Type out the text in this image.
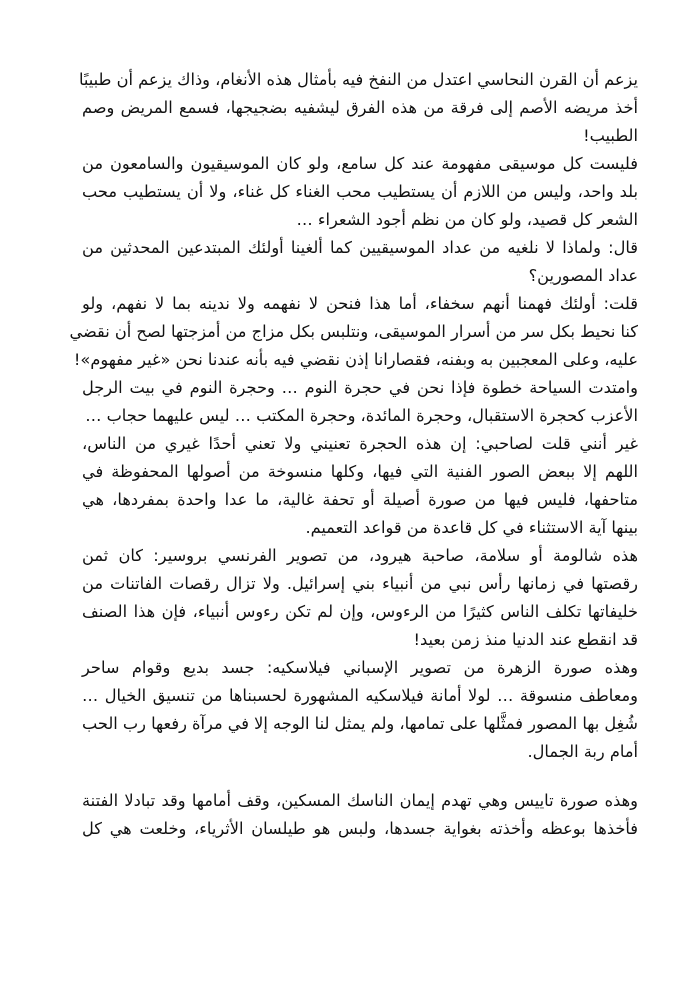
يزعم أن القرن النحاسي اعتدل من النفخ فيه بأمثال هذه الأنغام، وذاك يزعم أن طبيبًا
أخذ مريضه الأصم إلى فرقة من هذه الفرق ليشفيه بضجيجها، فسمع المريض وصم
الطبيب!
فليست كل موسيقى مفهومة عند كل سامع، ولو كان الموسيقيون والسامعون من
بلد واحد، وليس من اللازم أن يستطيب محب الغناء كل غناء، ولا أن يستطيب محب
الشعر كل قصيد، ولو كان من نظم أجود الشعراء …
قال: ولماذا لا نلغيه من عداد الموسيقيين كما ألغينا أولئك المبتدعين المحدثين من
عداد المصورين؟
قلت: أولئك فهمنا أنهم سخفاء، أما هذا فنحن لا نفهمه ولا ندينه بما لا نفهم، ولو
كنا نحيط بكل سر من أسرار الموسيقى، ونتلبس بكل مزاج من أمزجتها لصح أن نقضي
عليه، وعلى المعجبين به وبفنه، فقصارانا إذن نقضي فيه بأنه عندنا نحن «غير مفهوم»!
وامتدت السياحة خطوة فإذا نحن في حجرة النوم … وحجرة النوم في بيت الرجل
الأعزب كحجرة الاستقبال، وحجرة المائدة، وحجرة المكتب … ليس عليهما حجاب …
غير أنني قلت لصاحبي: إن هذه الحجرة تعنيني ولا تعني أحدًا غيري من الناس،
اللهم إلا ببعض الصور الفنية التي فيها، وكلها منسوخة من أصولها المحفوظة في
متاحفها، فليس فيها من صورة أصيلة أو تحفة غالية، ما عدا واحدة بمفردها، هي
بينها آية الاستثناء في كل قاعدة من قواعد التعميم.
هذه شالومة أو سلامة، صاحبة هيرود، من تصوير الفرنسي بروسير: كان ثمن
رقصتها في زمانها رأس نبي من أنبياء بني إسرائيل. ولا تزال رقصات الفاتنات من
خليفاتها تكلف الناس كثيرًا من الرءوس، وإن لم تكن رءوس أنبياء، فإن هذا الصنف
قد انقطع عند الدنيا منذ زمن بعيد!
وهذه صورة الزهرة من تصوير الإسباني فيلاسكيه: جسد بديع وقوام ساحر
ومعاطف منسوقة … لولا أمانة فيلاسكيه المشهورة لحسبناها من تنسيق الخيال …
شُغِل بها المصور فمثَّلها على تمامها، ولم يمثل لنا الوجه إلا في مرآة رفعها رب الحب
أمام ربة الجمال.
وهذه صورة تاييس وهي تهدم إيمان الناسك المسكين، وقف أمامها وقد تبادلا الفتنة
فأخذها بوعظه وأخذته بغواية جسدها، ولبس هو طيلسان الأثرياء، وخلعت هي كل
